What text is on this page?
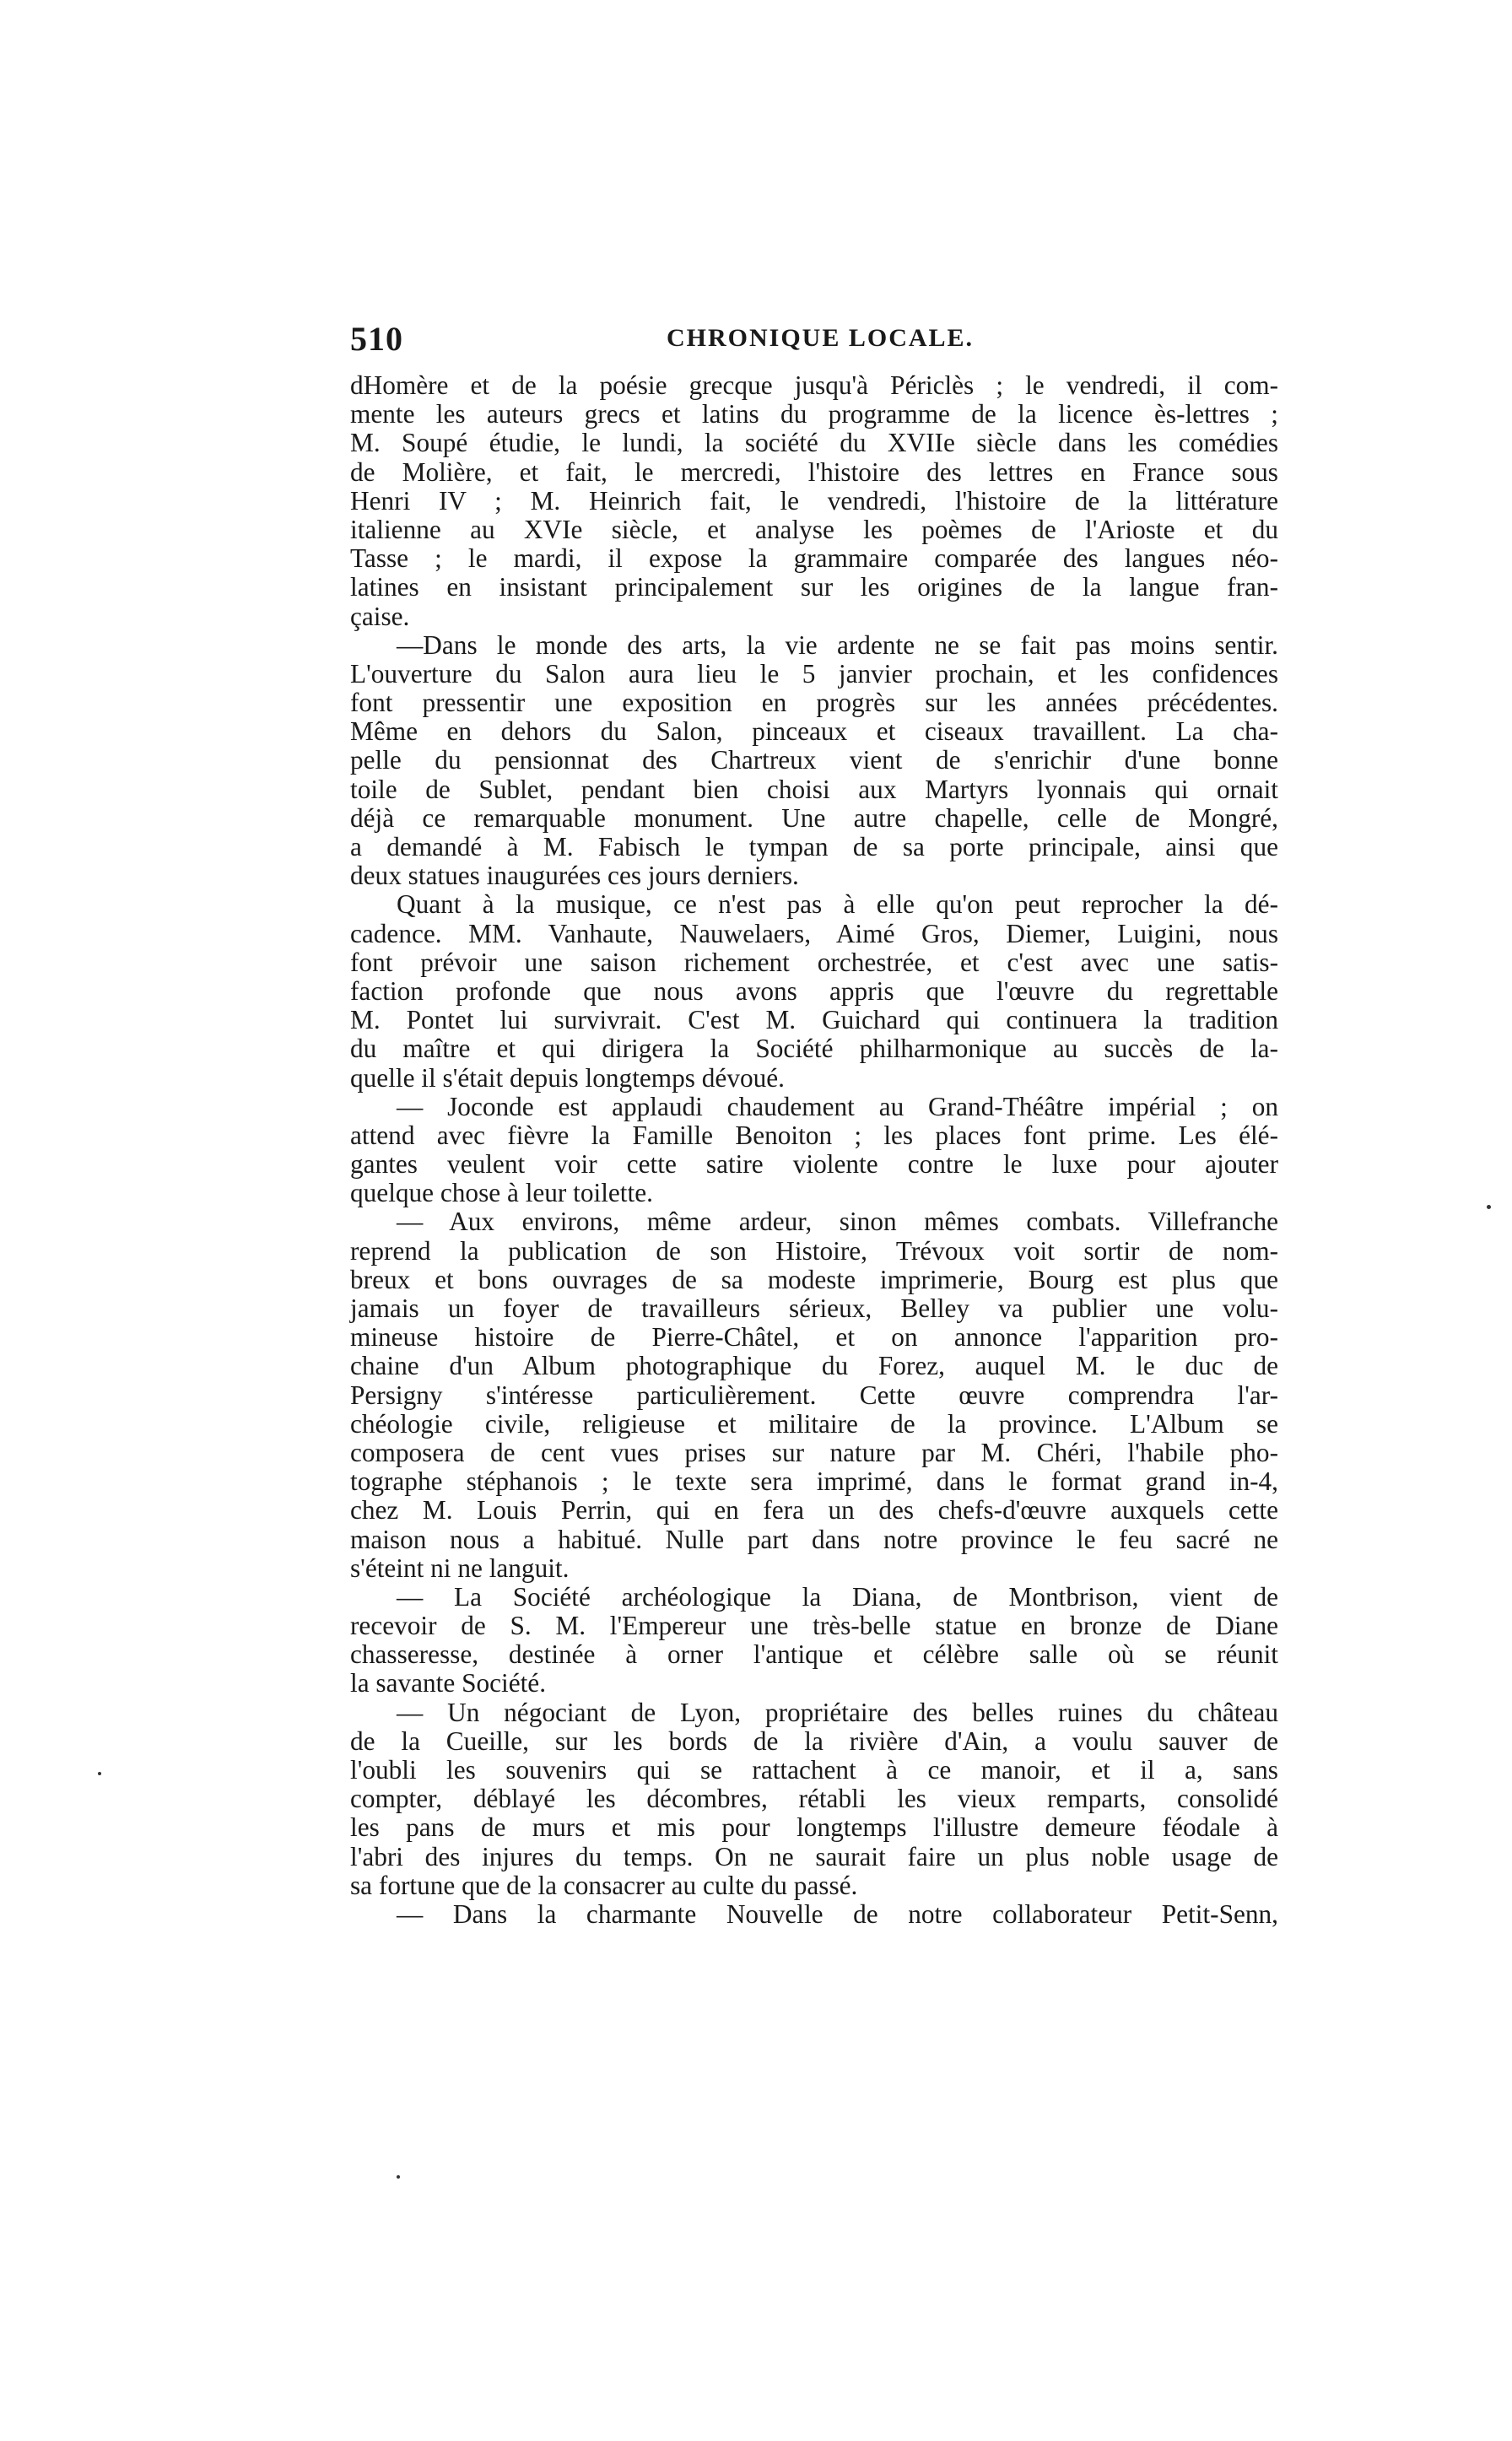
510	CHRONIQUE LOCALE.
dHomère et de la poésie grecque jusqu'à Périclès ; le vendredi, il com-
mente les auteurs grecs et latins du programme de la licence ès-lettres ;
M. Soupé étudie, le lundi, la société du XVIIe siècle dans les comédies
de Molière, et fait, le mercredi, l'histoire des lettres en France sous
Henri IV ; M. Heinrich fait, le vendredi, l'histoire de la littérature
italienne au XVIe siècle, et analyse les poèmes de l'Arioste et du
Tasse ; le mardi, il expose la grammaire comparée des langues néo-
latines en insistant principalement sur les origines de la langue fran-
çaise.
—Dans le monde des arts, la vie ardente ne se fait pas moins sentir.
L'ouverture du Salon aura lieu le 5 janvier prochain, et les confidences
font pressentir une exposition en progrès sur les années précédentes.
Même en dehors du Salon, pinceaux et ciseaux travaillent. La cha-
pelle du pensionnat des Chartreux vient de s'enrichir d'une bonne
toile de Sublet, pendant bien choisi aux Martyrs lyonnais qui ornait
déjà ce remarquable monument. Une autre chapelle, celle de Mongré,
a demandé à M. Fabisch le tympan de sa porte principale, ainsi que
deux statues inaugurées ces jours derniers.
Quant à la musique, ce n'est pas à elle qu'on peut reprocher la dé-
cadence. MM. Vanhaute, Nauwelaers, Aimé Gros, Diemer, Luigini, nous
font prévoir une saison richement orchestrée, et c'est avec une satis-
faction profonde que nous avons appris que l'œuvre du regrettable
M. Pontet lui survivrait. C'est M. Guichard qui continuera la tradition
du maître et qui dirigera la Société philharmonique au succès de la-
quelle il s'était depuis longtemps dévoué.
— Joconde est applaudi chaudement au Grand-Théâtre impérial ; on
attend avec fièvre la Famille Benoiton ; les places font prime. Les élé-
gantes veulent voir cette satire violente contre le luxe pour ajouter
quelque chose à leur toilette.
— Aux environs, même ardeur, sinon mêmes combats. Villefranche
reprend la publication de son Histoire, Trévoux voit sortir de nom-
breux et bons ouvrages de sa modeste imprimerie, Bourg est plus que
jamais un foyer de travailleurs sérieux, Belley va publier une volu-
mineuse histoire de Pierre-Châtel, et on annonce l'apparition pro-
chaine d'un Album photographique du Forez, auquel M. le duc de
Persigny s'intéresse particulièrement. Cette œuvre comprendra l'ar-
chéologie civile, religieuse et militaire de la province. L'Album se
composera de cent vues prises sur nature par M. Chéri, l'habile pho-
tographe stéphanois ; le texte sera imprimé, dans le format grand in-4,
chez M. Louis Perrin, qui en fera un des chefs-d'œuvre auxquels cette
maison nous a habitué. Nulle part dans notre province le feu sacré ne
s'éteint ni ne languit.
— La Société archéologique la Diana, de Montbrison, vient de
recevoir de S. M. l'Empereur une très-belle statue en bronze de Diane
chasseresse, destinée à orner l'antique et célèbre salle où se réunit
la savante Société.
— Un négociant de Lyon, propriétaire des belles ruines du château
de la Cueille, sur les bords de la rivière d'Ain, a voulu sauver de
l'oubli les souvenirs qui se rattachent à ce manoir, et il a, sans
compter, déblayé les décombres, rétabli les vieux remparts, consolidé
les pans de murs et mis pour longtemps l'illustre demeure féodale à
l'abri des injures du temps. On ne saurait faire un plus noble usage de
sa fortune que de la consacrer au culte du passé.
— Dans la charmante Nouvelle de notre collaborateur Petit-Senn,
